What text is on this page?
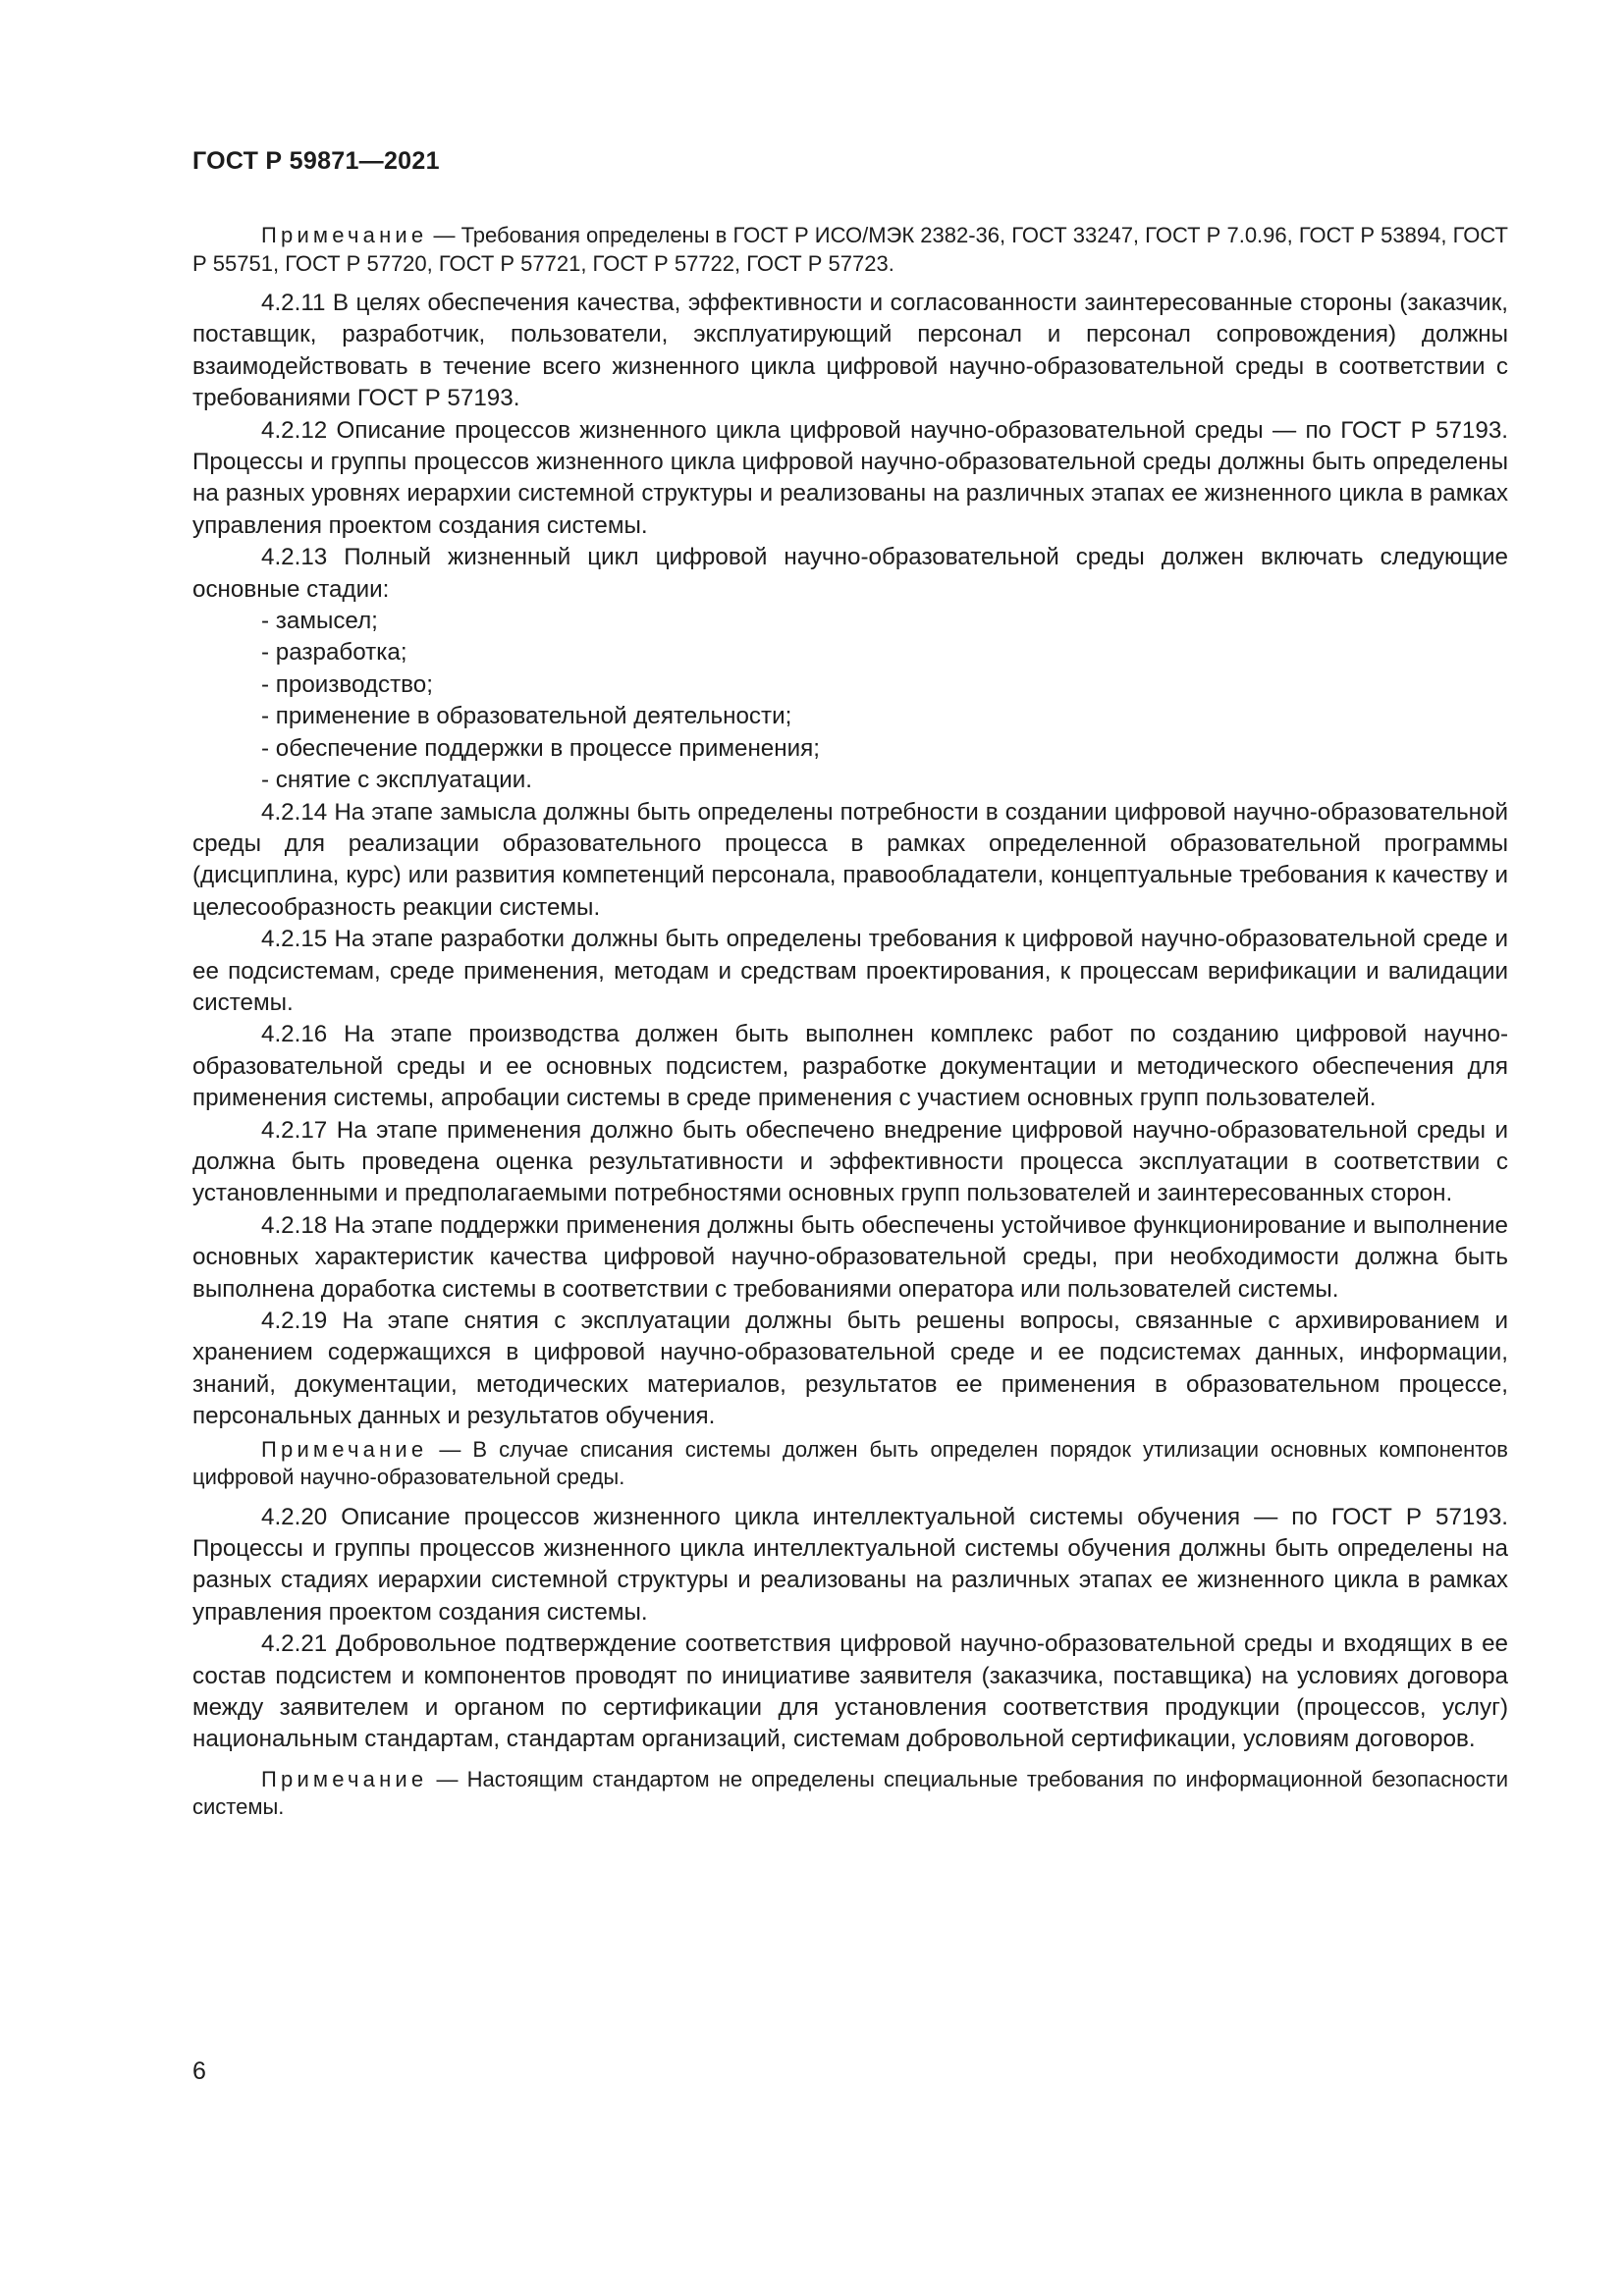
ГОСТ Р 59871—2021

Примечание — Требования определены в ГОСТ Р ИСО/МЭК 2382-36, ГОСТ 33247, ГОСТ Р 7.0.96, ГОСТ Р 53894, ГОСТ Р 55751, ГОСТ Р 57720, ГОСТ Р 57721, ГОСТ Р 57722, ГОСТ Р 57723.

4.2.11 В целях обеспечения качества, эффективности и согласованности заинтересованные стороны (заказчик, поставщик, разработчик, пользователи, эксплуатирующий персонал и персонал сопровождения) должны взаимодействовать в течение всего жизненного цикла цифровой научно-образовательной среды в соответствии с требованиями ГОСТ Р 57193.

4.2.12 Описание процессов жизненного цикла цифровой научно-образовательной среды — по ГОСТ Р 57193. Процессы и группы процессов жизненного цикла цифровой научно-образовательной среды должны быть определены на разных уровнях иерархии системной структуры и реализованы на различных этапах ее жизненного цикла в рамках управления проектом создания системы.

4.2.13 Полный жизненный цикл цифровой научно-образовательной среды должен включать следующие основные стадии:

- замысел;

- разработка;

- производство;

- применение в образовательной деятельности;

- обеспечение поддержки в процессе применения;

- снятие с эксплуатации.

4.2.14 На этапе замысла должны быть определены потребности в создании цифровой научно-образовательной среды для реализации образовательного процесса в рамках определенной образовательной программы (дисциплина, курс) или развития компетенций персонала, правообладатели, концептуальные требования к качеству и целесообразность реакции системы.

4.2.15 На этапе разработки должны быть определены требования к цифровой научно-образовательной среде и ее подсистемам, среде применения, методам и средствам проектирования, к процессам верификации и валидации системы.

4.2.16 На этапе производства должен быть выполнен комплекс работ по созданию цифровой научно-образовательной среды и ее основных подсистем, разработке документации и методического обеспечения для применения системы, апробации системы в среде применения с участием основных групп пользователей.

4.2.17 На этапе применения должно быть обеспечено внедрение цифровой научно-образовательной среды и должна быть проведена оценка результативности и эффективности процесса эксплуатации в соответствии с установленными и предполагаемыми потребностями основных групп пользователей и заинтересованных сторон.

4.2.18 На этапе поддержки применения должны быть обеспечены устойчивое функционирование и выполнение основных характеристик качества цифровой научно-образовательной среды, при необходимости должна быть выполнена доработка системы в соответствии с требованиями оператора или пользователей системы.

4.2.19 На этапе снятия с эксплуатации должны быть решены вопросы, связанные с архивированием и хранением содержащихся в цифровой научно-образовательной среде и ее подсистемах данных, информации, знаний, документации, методических материалов, результатов ее применения в образовательном процессе, персональных данных и результатов обучения.

Примечание — В случае списания системы должен быть определен порядок утилизации основных компонентов цифровой научно-образовательной среды.

4.2.20 Описание процессов жизненного цикла интеллектуальной системы обучения — по ГОСТ Р 57193. Процессы и группы процессов жизненного цикла интеллектуальной системы обучения должны быть определены на разных стадиях иерархии системной структуры и реализованы на различных этапах ее жизненного цикла в рамках управления проектом создания системы.

4.2.21 Добровольное подтверждение соответствия цифровой научно-образовательной среды и входящих в ее состав подсистем и компонентов проводят по инициативе заявителя (заказчика, поставщика) на условиях договора между заявителем и органом по сертификации для установления соответствия продукции (процессов, услуг) национальным стандартам, стандартам организаций, системам добровольной сертификации, условиям договоров.

Примечание — Настоящим стандартом не определены специальные требования по информационной безопасности системы.

6
